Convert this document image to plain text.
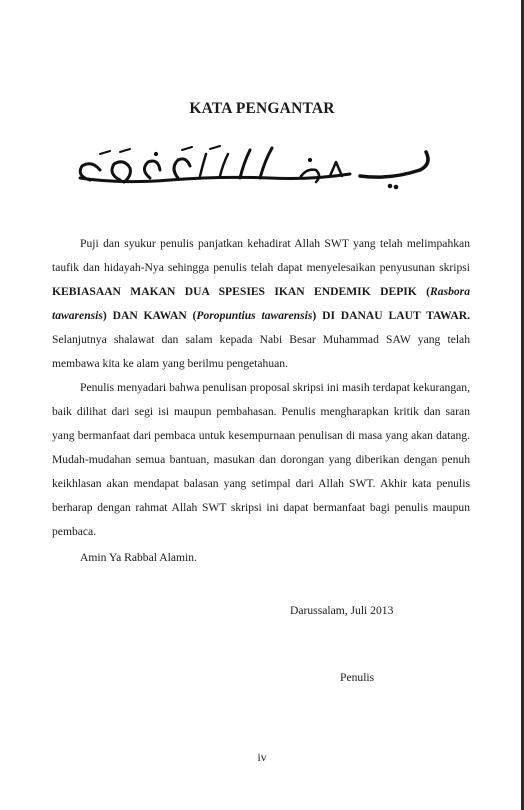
KATA PENGANTAR

Puji dan syukur penulis panjatkan kehadirat Allah SWT yang telah melimpahkan taufik dan hidayah-Nya sehingga penulis telah dapat menyelesaikan penyusunan skripsi KEBIASAAN MAKAN DUA SPESIES IKAN ENDEMIK DEPIK (Rasbora tawarensis) DAN KAWAN (Poropuntius tawarensis) DI DANAU LAUT TAWAR. Selanjutnya shalawat dan salam kepada Nabi Besar Muhammad SAW yang telah membawa kita ke alam yang berilmu pengetahuan.

Penulis menyadari bahwa penulisan proposal skripsi ini masih terdapat kekurangan, baik dilihat dari segi isi maupun pembahasan. Penulis mengharapkan kritik dan saran yang bermanfaat dari pembaca untuk kesempurnaan penulisan di masa yang akan datang. Mudah-mudahan semua bantuan, masukan dan dorongan yang diberikan dengan penuh keikhlasan akan mendapat balasan yang setimpal dari Allah SWT. Akhir kata penulis berharap dengan rahmat Allah SWT skripsi ini dapat bermanfaat bagi penulis maupun pembaca.

Amin Ya Rabbal Alamin.

Darussalam, Juli 2013
Penulis
iv
